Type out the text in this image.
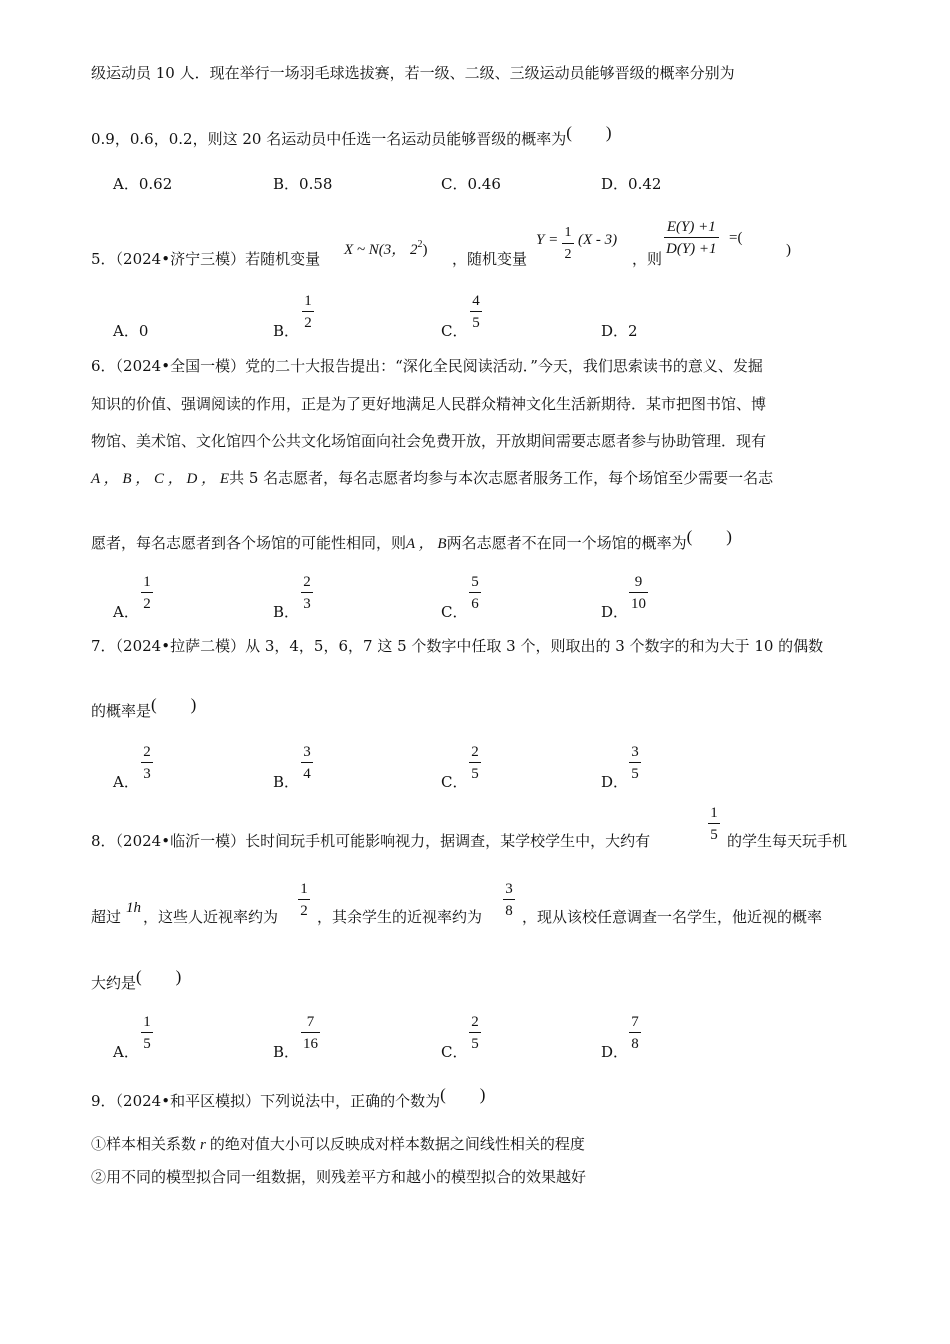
级运动员 10 人．现在举行一场羽毛球选拔赛，若一级、二级、三级运动员能够晋级的概率分别为
0.9，0.6，0.2，则这 20 名运动员中任选一名运动员能够晋级的概率为(　　)
A．0.62	B．0.58	C．0.46	D．0.42
5．（2024•济宁三模）若随机变量 X ~ N(3， $2^2$) ，随机变量
Y = 1
2
(X - 3)
，则
E(Y) +1
D(Y) +1
=(
)
A．0	B．
1
2	C．
4
5	D．2
6．（2024•全国一模）党的二十大报告提出：“深化全民阅读活动．”今天，我们思索读书的意义、发掘
知识的价值、强调阅读的作用，正是为了更好地满足人民群众精神文化生活新期待．某市把图书馆、博
物馆、美术馆、文化馆四个公共文化场馆面向社会免费开放，开放期间需要志愿者参与协助管理．现有
A ， B ， C ， D ， E共 5 名志愿者，每名志愿者均参与本次志愿者服务工作，每个场馆至少需要一名志
愿者，每名志愿者到各个场馆的可能性相同，则A ， B两名志愿者不在同一个场馆的概率为(　　)
A．
1
2	B．
2
3	C．
5
6	D．
9
10
7．（2024•拉萨二模）从 3，4，5，6，7 这 5 个数字中任取 3 个，则取出的 3 个数字的和为大于 10 的偶数
的概率是(　　)
A．
2
3	B．
3
4	C．
2
5	D．
3
5
8．（2024•临沂一模）长时间玩手机可能影响视力，据调查，某学校学生中，大约有
1
5 的学生每天玩手机
超过 1h ，这些人近视率约为
1
2 ，其余学生的近视率约为
3
8 ，现从该校任意调查一名学生，他近视的概率
大约是(　　)
A．
1
5	B．
7
16	C．
2
5	D．
7
8
9．（2024•和平区模拟）下列说法中，正确的个数为(　　)
①样本相关系数 r 的绝对值大小可以反映成对样本数据之间线性相关的程度
②用不同的模型拟合同一组数据，则残差平方和越小的模型拟合的效果越好
